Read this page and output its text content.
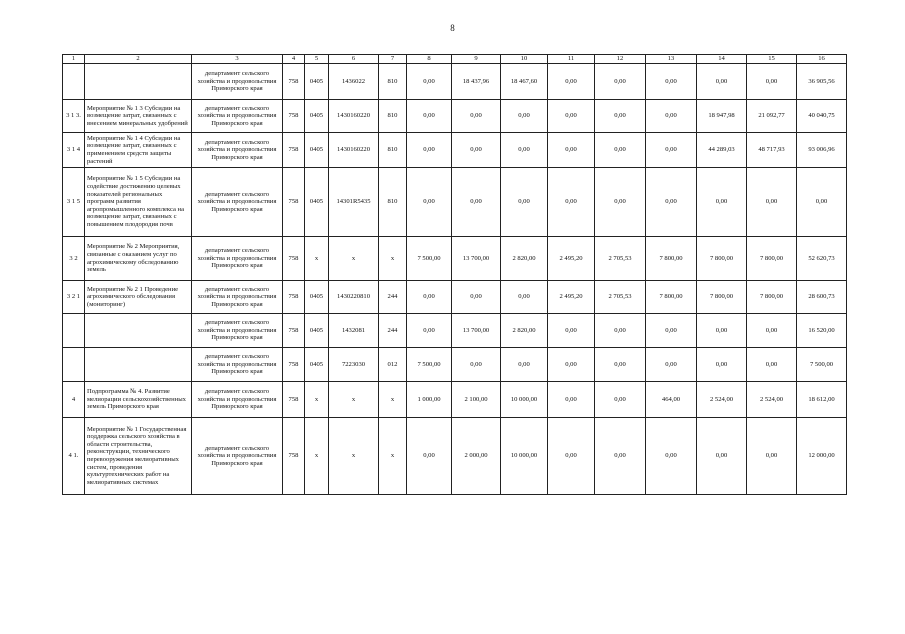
8
1	2	3	4	5	6	7	8	9	10	11	12	13	14	15	16
		департамент сельского хозяйства и продовольствия Приморского края	758	0405	1436022	810	0,00	18 437,96	18 467,60	0,00	0,00	0,00	0,00	0,00	36 905,56
3 1 3.	Мероприятие № 1 3 Субсидии на возмещение затрат, связанных с внесением минеральных удобрений	департамент сельского хозяйства и продовольствия Приморского края	758	0405	1430160220	810	0,00	0,00	0,00	0,00	0,00	0,00	18 947,98	21 092,77	40 040,75
3 1 4	Мероприятие № 1 4 Субсидии на возмещение затрат, связанных с применением средств защиты растений	департамент сельского хозяйства и продовольствия Приморского края	758	0405	1430160220	810	0,00	0,00	0,00	0,00	0,00	0,00	44 289,03	48 717,93	93 006,96
3 1 5	Мероприятие № 1 5 Субсидии на содействие достижению целевых показателей региональных программ развития агропромышленного комплекса на возмещение затрат, связанных с повышением плодородия почв	департамент сельского хозяйства и продовольствия Приморского края	758	0405	14301R5435	810	0,00	0,00	0,00	0,00	0,00	0,00	0,00	0,00	0,00
3 2	Мероприятие № 2 Мероприятия, связанные с оказанием услуг по агрохимическому обследованию земель	департамент сельского хозяйства и продовольствия Приморского края	758	x	x	x	7 500,00	13 700,00	2 820,00	2 495,20	2 705,53	7 800,00	7 800,00	7 800,00	52 620,73
3 2 1	Мероприятие № 2 1 Проведение агрохимического обследования (мониторинг)	департамент сельского хозяйства и продовольствия Приморского края	758	0405	1430220810	244	0,00	0,00	0,00	2 495,20	2 705,53	7 800,00	7 800,00	7 800,00	28 600,73
		департамент сельского хозяйства и продовольствия Приморского края	758	0405	1432081	244	0,00	13 700,00	2 820,00	0,00	0,00	0,00	0,00	0,00	16 520,00
		департамент сельского хозяйства и продовольствия Приморского края	758	0405	7223030	012	7 500,00	0,00	0,00	0,00	0,00	0,00	0,00	0,00	7 500,00
4	Подпрограмма № 4. Развитие мелиорации сельскохозяйственных земель Приморского края	департамент сельского хозяйства и продовольствия Приморского края	758	x	x	x	1 000,00	2 100,00	10 000,00	0,00	0,00	464,00	2 524,00	2 524,00	18 612,00
4 1.	Мероприятие № 1 Государственная поддержка сельского хозяйства в области строительства, реконструкции, технического перевооружения мелиоративных систем, проведения культуртехнических работ на мелиоративных системах	департамент сельского хозяйства и продовольствия Приморского края	758	x	x	x	0,00	2 000,00	10 000,00	0,00	0,00	0,00	0,00	0,00	12 000,00
